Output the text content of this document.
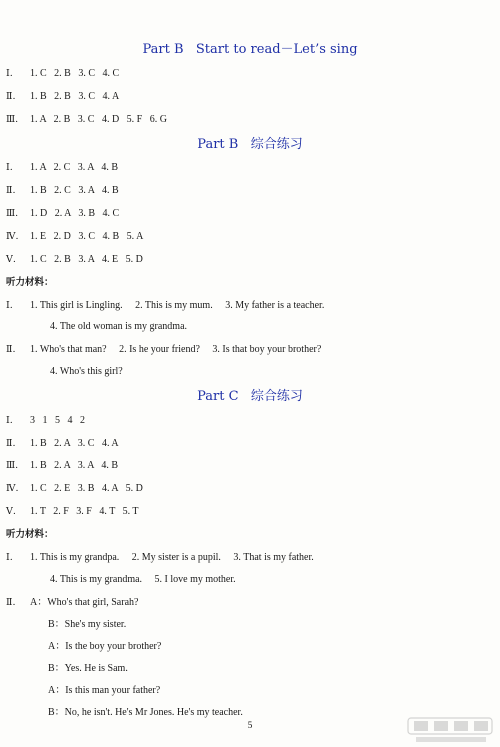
Part B   Start to read－Let’s sing
Ⅰ. 1. C   2. B   3. C   4. C
Ⅱ. 1. B   2. B   3. C   4. A
Ⅲ. 1. A   2. B   3. C   4. D   5. F   6. G
Part B   综合练习
Ⅰ. 1. A   2. C   3. A   4. B
Ⅱ. 1. B   2. C   3. A   4. B
Ⅲ. 1. D   2. A   3. B   4. C
Ⅳ. 1. E   2. D   3. C   4. B   5. A
Ⅴ. 1. C   2. B   3. A   4. E   5. D
听力材料：
Ⅰ. 1. This girl is Lingling.     2. This is my mum.     3. My father is a teacher.
4. The old woman is my grandma.
Ⅱ. 1. Who's that man?     2. Is he your friend?     3. Is that boy your brother?
4. Who's this girl?
Part C   综合练习
Ⅰ. 3   1   5   4   2
Ⅱ. 1. B   2. A   3. C   4. A
Ⅲ. 1. B   2. A   3. A   4. B
Ⅳ. 1. C   2. E   3. B   4. A   5. D
Ⅴ. 1. T   2. F   3. F   4. T   5. T
听力材料：
Ⅰ. 1. This is my grandpa.     2. My sister is a pupil.     3. That is my father.
4. This is my grandma.     5. I love my mother.
Ⅱ. A：Who's that girl, Sarah?
B：She's my sister.
A：Is the boy your brother?
B：Yes. He is Sam.
A：Is this man your father?
B：No, he isn't. He's Mr Jones. He's my teacher.
5
